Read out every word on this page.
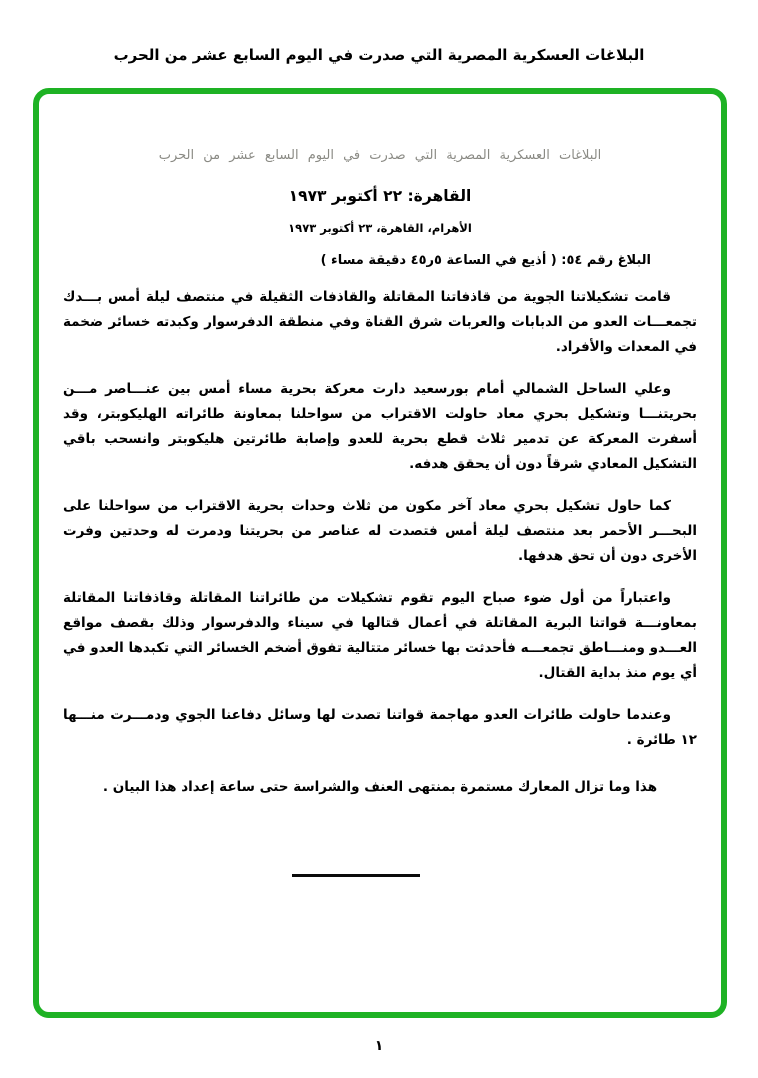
البلاغات العسكرية المصرية التي صدرت في اليوم السابع عشر من الحرب
البلاغات العسكرية المصرية التي صدرت في اليوم السابع عشر من الحرب
القاهرة: ٢٢ أكتوبر ١٩٧٣
الأهرام، القاهرة، ٢٣ أكتوبر ١٩٧٣
البلاغ رقم ٥٤: ( أذيع في الساعة ٥ر٤٥ دقيقة مساء )

قامت تشكيلاتنا الجوية من قاذفاتنا المقاتلة والقاذفات الثقيلة في منتصف ليلة أمس بـــدك تجمعـــات العدو من الدبابات والعربات شرق القناة وفي منطقة الدفرسوار وكبدته خسائر ضخمة في المعدات والأفراد.

وعلي الساحل الشمالي أمام بورسعيد دارت معركة بحرية مساء أمس بين عنـــاصر مـــن بحريتنـــا وتشكيل بحري معاد حاولت الاقتراب من سواحلنا بمعاونة طائراته الهليكوبتر، وقد أسفرت المعركة عن تدمير ثلاث قطع بحرية للعدو وإصابة طائرتين هليكوبتر وانسحب باقي التشكيل المعادي شرقاً دون أن يحقق هدفه.

كما حاول تشكيل بحري معاد آخر مكون من ثلاث وحدات بحرية الاقتراب من سواحلنا على البحـــر الأحمر بعد منتصف ليلة أمس فتصدت له عناصر من بحريتنا ودمرت له وحدتين وفرت الأخرى دون أن تحق هدفها.

واعتباراً من أول ضوء صباح اليوم تقوم تشكيلات من طائراتنا المقاتلة وقاذفاتنا المقاتلة بمعاونـــة قواتنا البرية المقاتلة في أعمال قتالها في سيناء والدفرسوار وذلك بقصف مواقع العـــدو ومنـــاطق تجمعـــه فأحدثت بها خسائر متتالية تفوق أضخم الخسائر التي تكبدها العدو في أي يوم منذ بداية القتال.

وعندما حاولت طائرات العدو مهاجمة قواتنا تصدت لها وسائل دفاعنا الجوي ودمـــرت منـــها ١٢ طائرة .

هذا وما تزال المعارك مستمرة بمنتهى العنف والشراسة حتى ساعة إعداد هذا البيان .

١
